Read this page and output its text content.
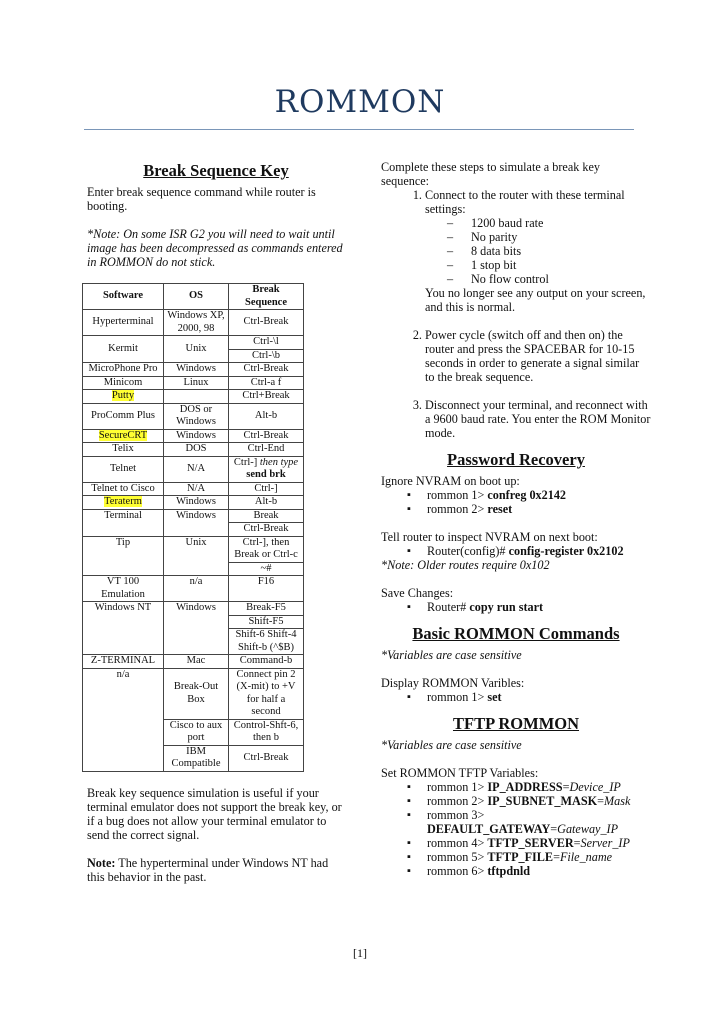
ROMMON
Break Sequence Key

Enter break sequence command while router is booting.

*Note: On some ISR G2 you will need to wait until image has been decompressed as commands entered in ROMMON do not stick.

Software	OS	Break Sequence
Hyperterminal	Windows XP, 2000, 98	Ctrl-Break
Kermit	Unix	Ctrl-\l
		Ctrl-\b
MicroPhone Pro	Windows	Ctrl-Break
Minicom	Linux	Ctrl-a f
Putty		Ctrl+Break
ProComm Plus	DOS or Windows	Alt-b
SecureCRT	Windows	Ctrl-Break
Telix	DOS	Ctrl-End
Telnet	N/A	Ctrl-] then type send brk
Telnet to Cisco	N/A	Ctrl-]
Teraterm	Windows	Alt-b
Terminal	Windows	Break
		Ctrl-Break
Tip	Unix	Ctrl-], then Break or Ctrl-c
		~#
VT 100 Emulation	n/a	F16
Windows NT	Windows	Break-F5
		Shift-F5
		Shift-6 Shift-4 Shift-b (^$B)
Z-TERMINAL	Mac	Command-b
n/a	Break-Out Box	Connect pin 2 (X-mit) to +V for half a second
	Cisco to aux port	Control-Shft-6, then b
	IBM Compatible	Ctrl-Break

Break key sequence simulation is useful if your terminal emulator does not support the break key, or if a bug does not allow your terminal emulator to send the correct signal.

Note: The hyperterminal under Windows NT had this behavior in the past.

Complete these steps to simulate a break key sequence:

1. Connect to the router with these terminal settings:
– 1200 baud rate
– No parity
– 8 data bits
– 1 stop bit
– No flow control
You no longer see any output on your screen, and this is normal.
2. Power cycle (switch off and then on) the router and press the SPACEBAR for 10-15 seconds in order to generate a signal similar to the break sequence.
3. Disconnect your terminal, and reconnect with a 9600 baud rate. You enter the ROM Monitor mode.
Password Recovery

Ignore NVRAM on boot up:

▪ rommon 1> confreg 0x2142
▪ rommon 2> reset

Tell router to inspect NVRAM on next boot:

▪ Router(config)# config-register 0x2102

*Note: Older routes require 0x102

Save Changes:

▪ Router# copy run start
Basic ROMMON Commands

*Variables are case sensitive

Display ROMMON Varibles:

▪ rommon 1> set
TFTP ROMMON

*Variables are case sensitive

Set ROMMON TFTP Variables:

▪ rommon 1> IP_ADDRESS=Device_IP
▪ rommon 2> IP_SUBNET_MASK=Mask
▪ rommon 3>
DEFAULT_GATEWAY=Gateway_IP
▪ rommon 4> TFTP_SERVER=Server_IP
▪ rommon 5> TFTP_FILE=File_name
▪ rommon 6> tftpdnld
[1]
